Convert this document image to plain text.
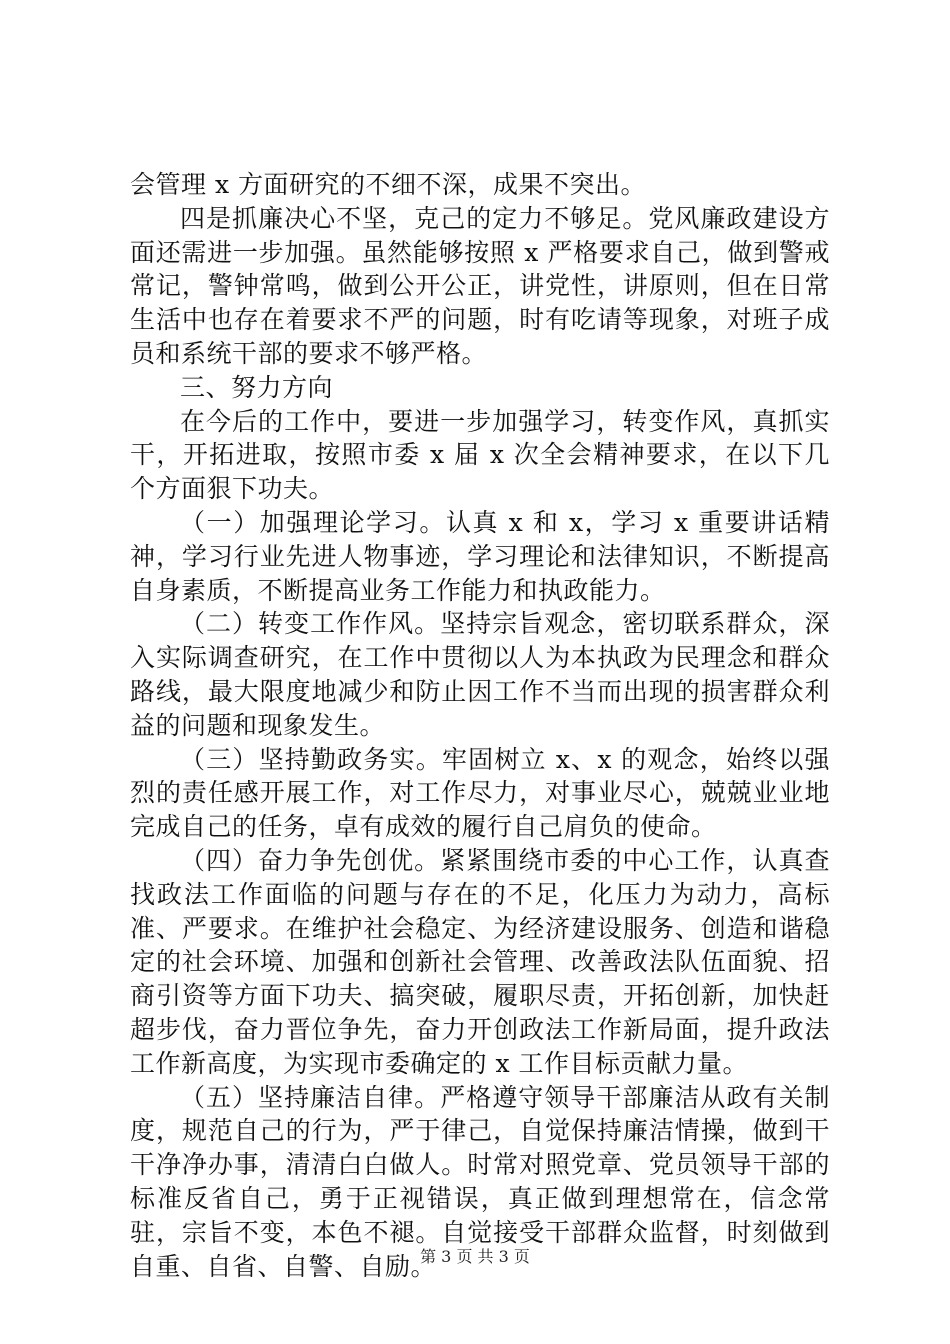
会管理 x 方面研究的不细不深，成果不突出。

四是抓廉决心不坚，克己的定力不够足。党风廉政建设方面还需进一步加强。虽然能够按照 x 严格要求自己，做到警戒常记，警钟常鸣，做到公开公正，讲党性，讲原则，但在日常生活中也存在着要求不严的问题，时有吃请等现象，对班子成员和系统干部的要求不够严格。

三、努力方向

在今后的工作中，要进一步加强学习，转变作风，真抓实干，开拓进取，按照市委 x 届 x 次全会精神要求，在以下几个方面狠下功夫。

（一）加强理论学习。认真 x 和 x，学习 x 重要讲话精神，学习行业先进人物事迹，学习理论和法律知识，不断提高自身素质，不断提高业务工作能力和执政能力。

（二）转变工作作风。坚持宗旨观念，密切联系群众，深入实际调查研究，在工作中贯彻以人为本执政为民理念和群众路线，最大限度地减少和防止因工作不当而出现的损害群众利益的问题和现象发生。

（三）坚持勤政务实。牢固树立 x、x 的观念，始终以强烈的责任感开展工作，对工作尽力，对事业尽心，兢兢业业地完成自己的任务，卓有成效的履行自己肩负的使命。

（四）奋力争先创优。紧紧围绕市委的中心工作，认真查找政法工作面临的问题与存在的不足，化压力为动力，高标准、严要求。在维护社会稳定、为经济建设服务、创造和谐稳定的社会环境、加强和创新社会管理、改善政法队伍面貌、招商引资等方面下功夫、搞突破，履职尽责，开拓创新，加快赶超步伐，奋力晋位争先，奋力开创政法工作新局面，提升政法工作新高度，为实现市委确定的 x 工作目标贡献力量。

（五）坚持廉洁自律。严格遵守领导干部廉洁从政有关制度，规范自己的行为，严于律己，自觉保持廉洁情操，做到干干净净办事，清清白白做人。时常对照党章、党员领导干部的标准反省自己，勇于正视错误，真正做到理想常在，信念常驻，宗旨不变，本色不褪。自觉接受干部群众监督，时刻做到自重、自省、自警、自励。

第 3 页 共 3 页
